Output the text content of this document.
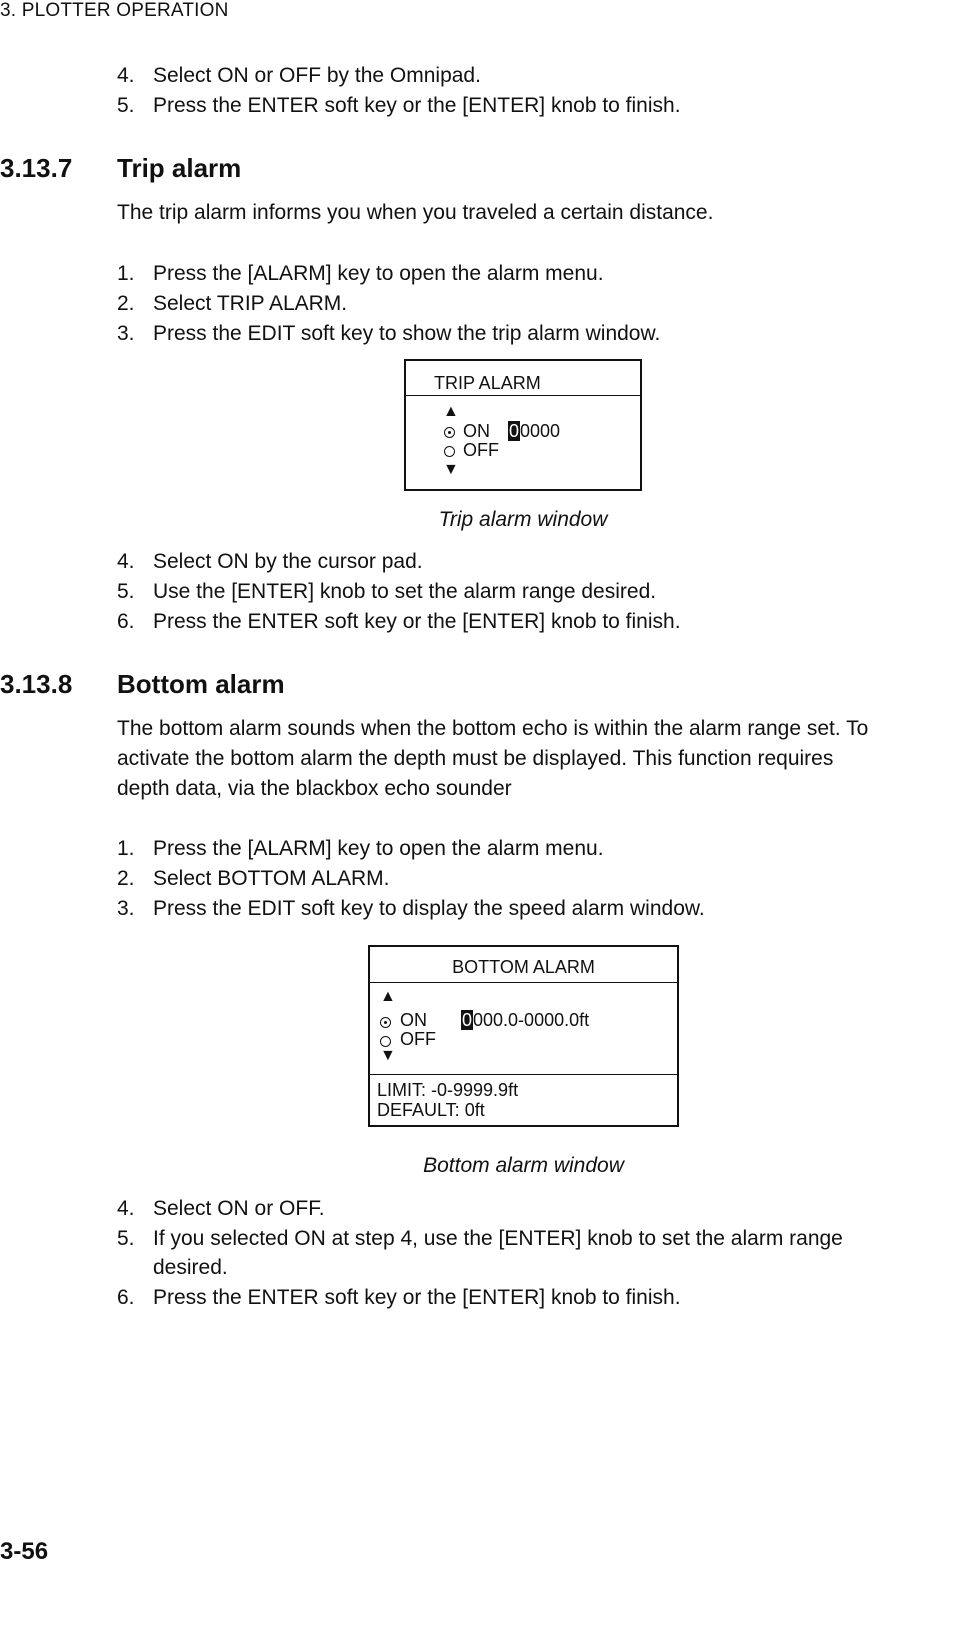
3. PLOTTER OPERATION
4. Select ON or OFF by the Omnipad.
5. Press the ENTER soft key or the [ENTER] knob to finish.
3.13.7 Trip alarm
The trip alarm informs you when you traveled a certain distance.
1. Press the [ALARM] key to open the alarm menu.
2. Select TRIP ALARM.
3. Press the EDIT soft key to show the trip alarm window.
TRIP ALARM
▲
ON 00000
OFF
▼
Trip alarm window
4. Select ON by the cursor pad.
5. Use the [ENTER] knob to set the alarm range desired.
6. Press the ENTER soft key or the [ENTER] knob to finish.
3.13.8 Bottom alarm
The bottom alarm sounds when the bottom echo is within the alarm range set. To
activate the bottom alarm the depth must be displayed. This function requires
depth data, via the blackbox echo sounder
1. Press the [ALARM] key to open the alarm menu.
2. Select BOTTOM ALARM.
3. Press the EDIT soft key to display the speed alarm window.
BOTTOM ALARM
▲
ON 0000.0-0000.0ft
OFF
▼
LIMIT: -0-9999.9ft
DEFAULT: 0ft
Bottom alarm window
4. Select ON or OFF.
5. If you selected ON at step 4, use the [ENTER] knob to set the alarm range
desired.
6. Press the ENTER soft key or the [ENTER] knob to finish.
3-56
